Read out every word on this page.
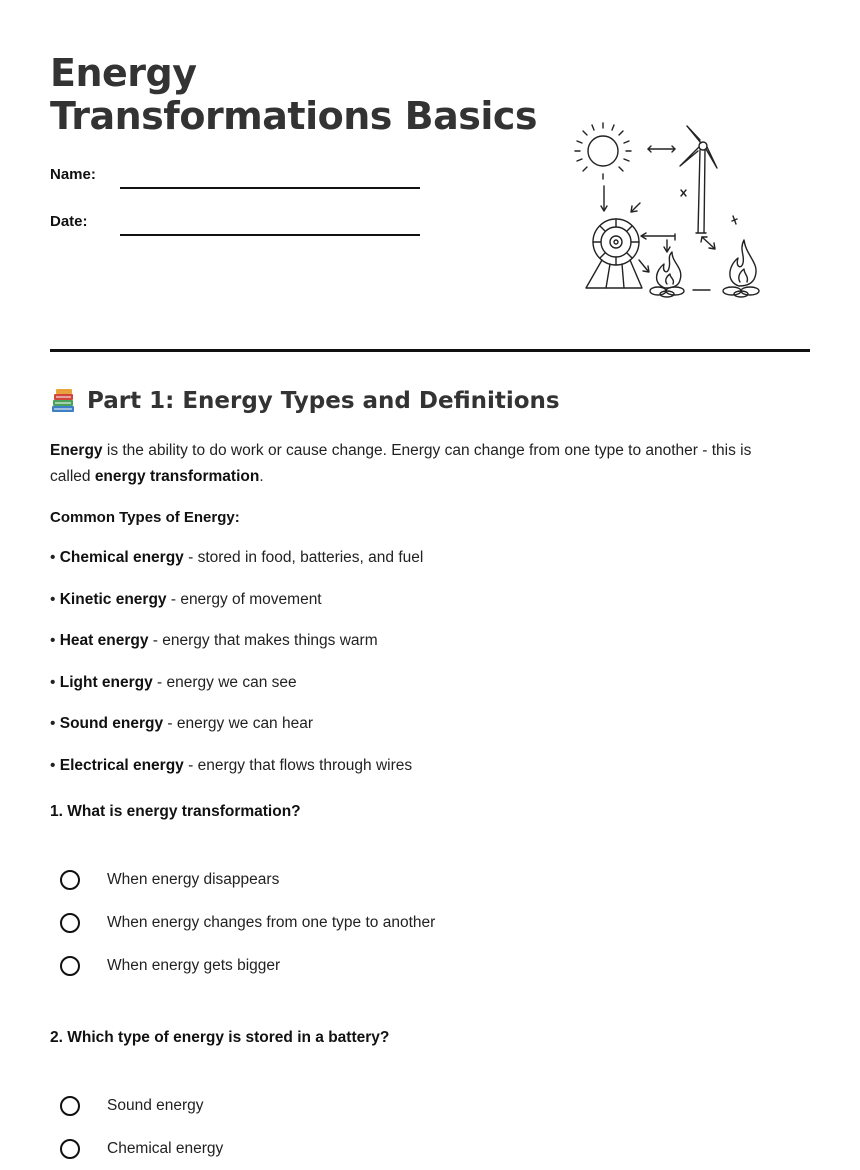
Energy Transformations Basics
Name:
Date:
Part 1: Energy Types and Definitions

Energy is the ability to do work or cause change. Energy can change from one type to another - this is called energy transformation.

Common Types of Energy:
• Chemical energy - stored in food, batteries, and fuel
• Kinetic energy - energy of movement
• Heat energy - energy that makes things warm
• Light energy - energy we can see
• Sound energy - energy we can hear
• Electrical energy - energy that flows through wires
1. What is energy transformation?
When energy disappears
When energy changes from one type to another
When energy gets bigger
2. Which type of energy is stored in a battery?
Sound energy
Chemical energy
